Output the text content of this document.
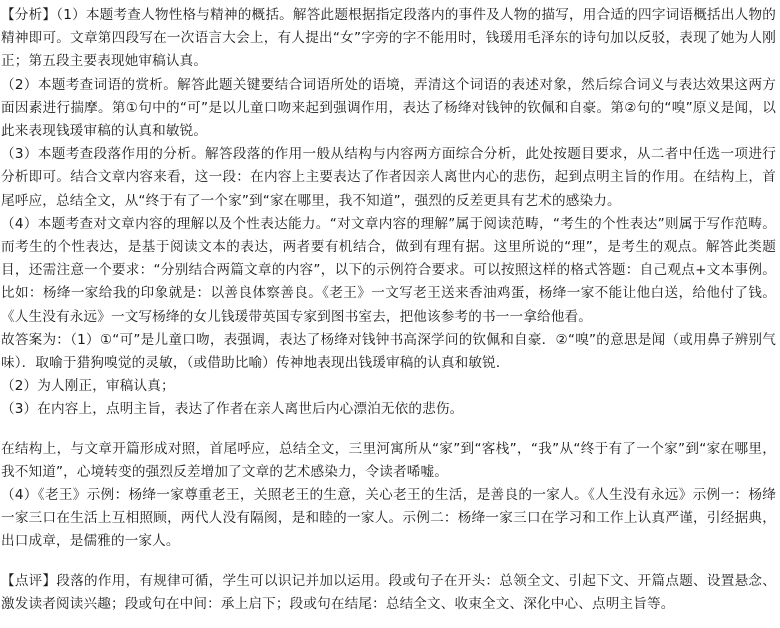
【分析】（1）本题考查人物性格与精神的概括。解答此题根据指定段落内的事件及人物的描写，用合适的四字词语概括出人物的精神即可。文章第四段写在一次语言大会上，有人提出“女”字旁的字不能用时，钱瑗用毛泽东的诗句加以反驳，表现了她为人刚正；第五段主要表现她审稿认真。

（2）本题考查词语的赏析。解答此题关键要结合词语所处的语境，弄清这个词语的表述对象，然后综合词义与表达效果这两方面因素进行揣摩。第①句中的“可”是以儿童口吻来起到强调作用，表达了杨绛对钱钟的钦佩和自豪。第②句的“嗅”原义是闻，以此来表现钱瑗审稿的认真和敏锐。

（3）本题考查段落作用的分析。解答段落的作用一般从结构与内容两方面综合分析，此处按题目要求，从二者中任选一项进行分析即可。结合文章内容来看，这一段：在内容上主要表达了作者因亲人离世内心的悲伤，起到点明主旨的作用。在结构上，首尾呼应，总结全文，从“终于有了一个家”到“家在哪里，我不知道”，强烈的反差更具有艺术的感染力。

（4）本题考查对文章内容的理解以及个性表达能力。“对文章内容的理解”属于阅读范畴，“考生的个性表达”则属于写作范畴。而考生的个性表达，是基于阅读文本的表达，两者要有机结合，做到有理有据。这里所说的“理”，是考生的观点。解答此类题目，还需注意一个要求：“分别结合两篇文章的内容”，以下的示例符合要求。可以按照这样的格式答题：自己观点+文本事例。比如：杨绛一家给我的印象就是：以善良体察善良。《老王》一文写老王送来香油鸡蛋，杨绛一家不能让他白送，给他付了钱。《人生没有永远》一文写杨绛的女儿钱瑗带英国专家到图书室去，把他该参考的书一一拿给他看。

故答案为：（1）①“可”是儿童口吻，表强调，表达了杨绛对钱钟书高深学问的钦佩和自豪．②“嗅”的意思是闻（或用鼻子辨别气味）．取喻于猎狗嗅觉的灵敏，（或借助比喻）传神地表现出钱瑗审稿的认真和敏锐．

（2）为人刚正，审稿认真；

（3）在内容上，点明主旨，表达了作者在亲人离世后内心漂泊无依的悲伤。

在结构上，与文章开篇形成对照，首尾呼应，总结全文，三里河寓所从“家”到“客栈”，“我”从“终于有了一个家”到“家在哪里，我不知道”，心境转变的强烈反差增加了文章的艺术感染力，令读者唏嘘。

（4）《老王》示例：杨绛一家尊重老王，关照老王的生意，关心老王的生活，是善良的一家人。《人生没有永远》示例一：杨绛一家三口在生活上互相照顾，两代人没有隔阂，是和睦的一家人。示例二：杨绛一家三口在学习和工作上认真严谨，引经据典，出口成章，是儒雅的一家人。

【点评】段落的作用，有规律可循，学生可以识记并加以运用。段或句子在开头：总领全文、引起下文、开篇点题、设置悬念、激发读者阅读兴趣；段或句在中间：承上启下；段或句在结尾：总结全文、收束全文、深化中心、点明主旨等。
